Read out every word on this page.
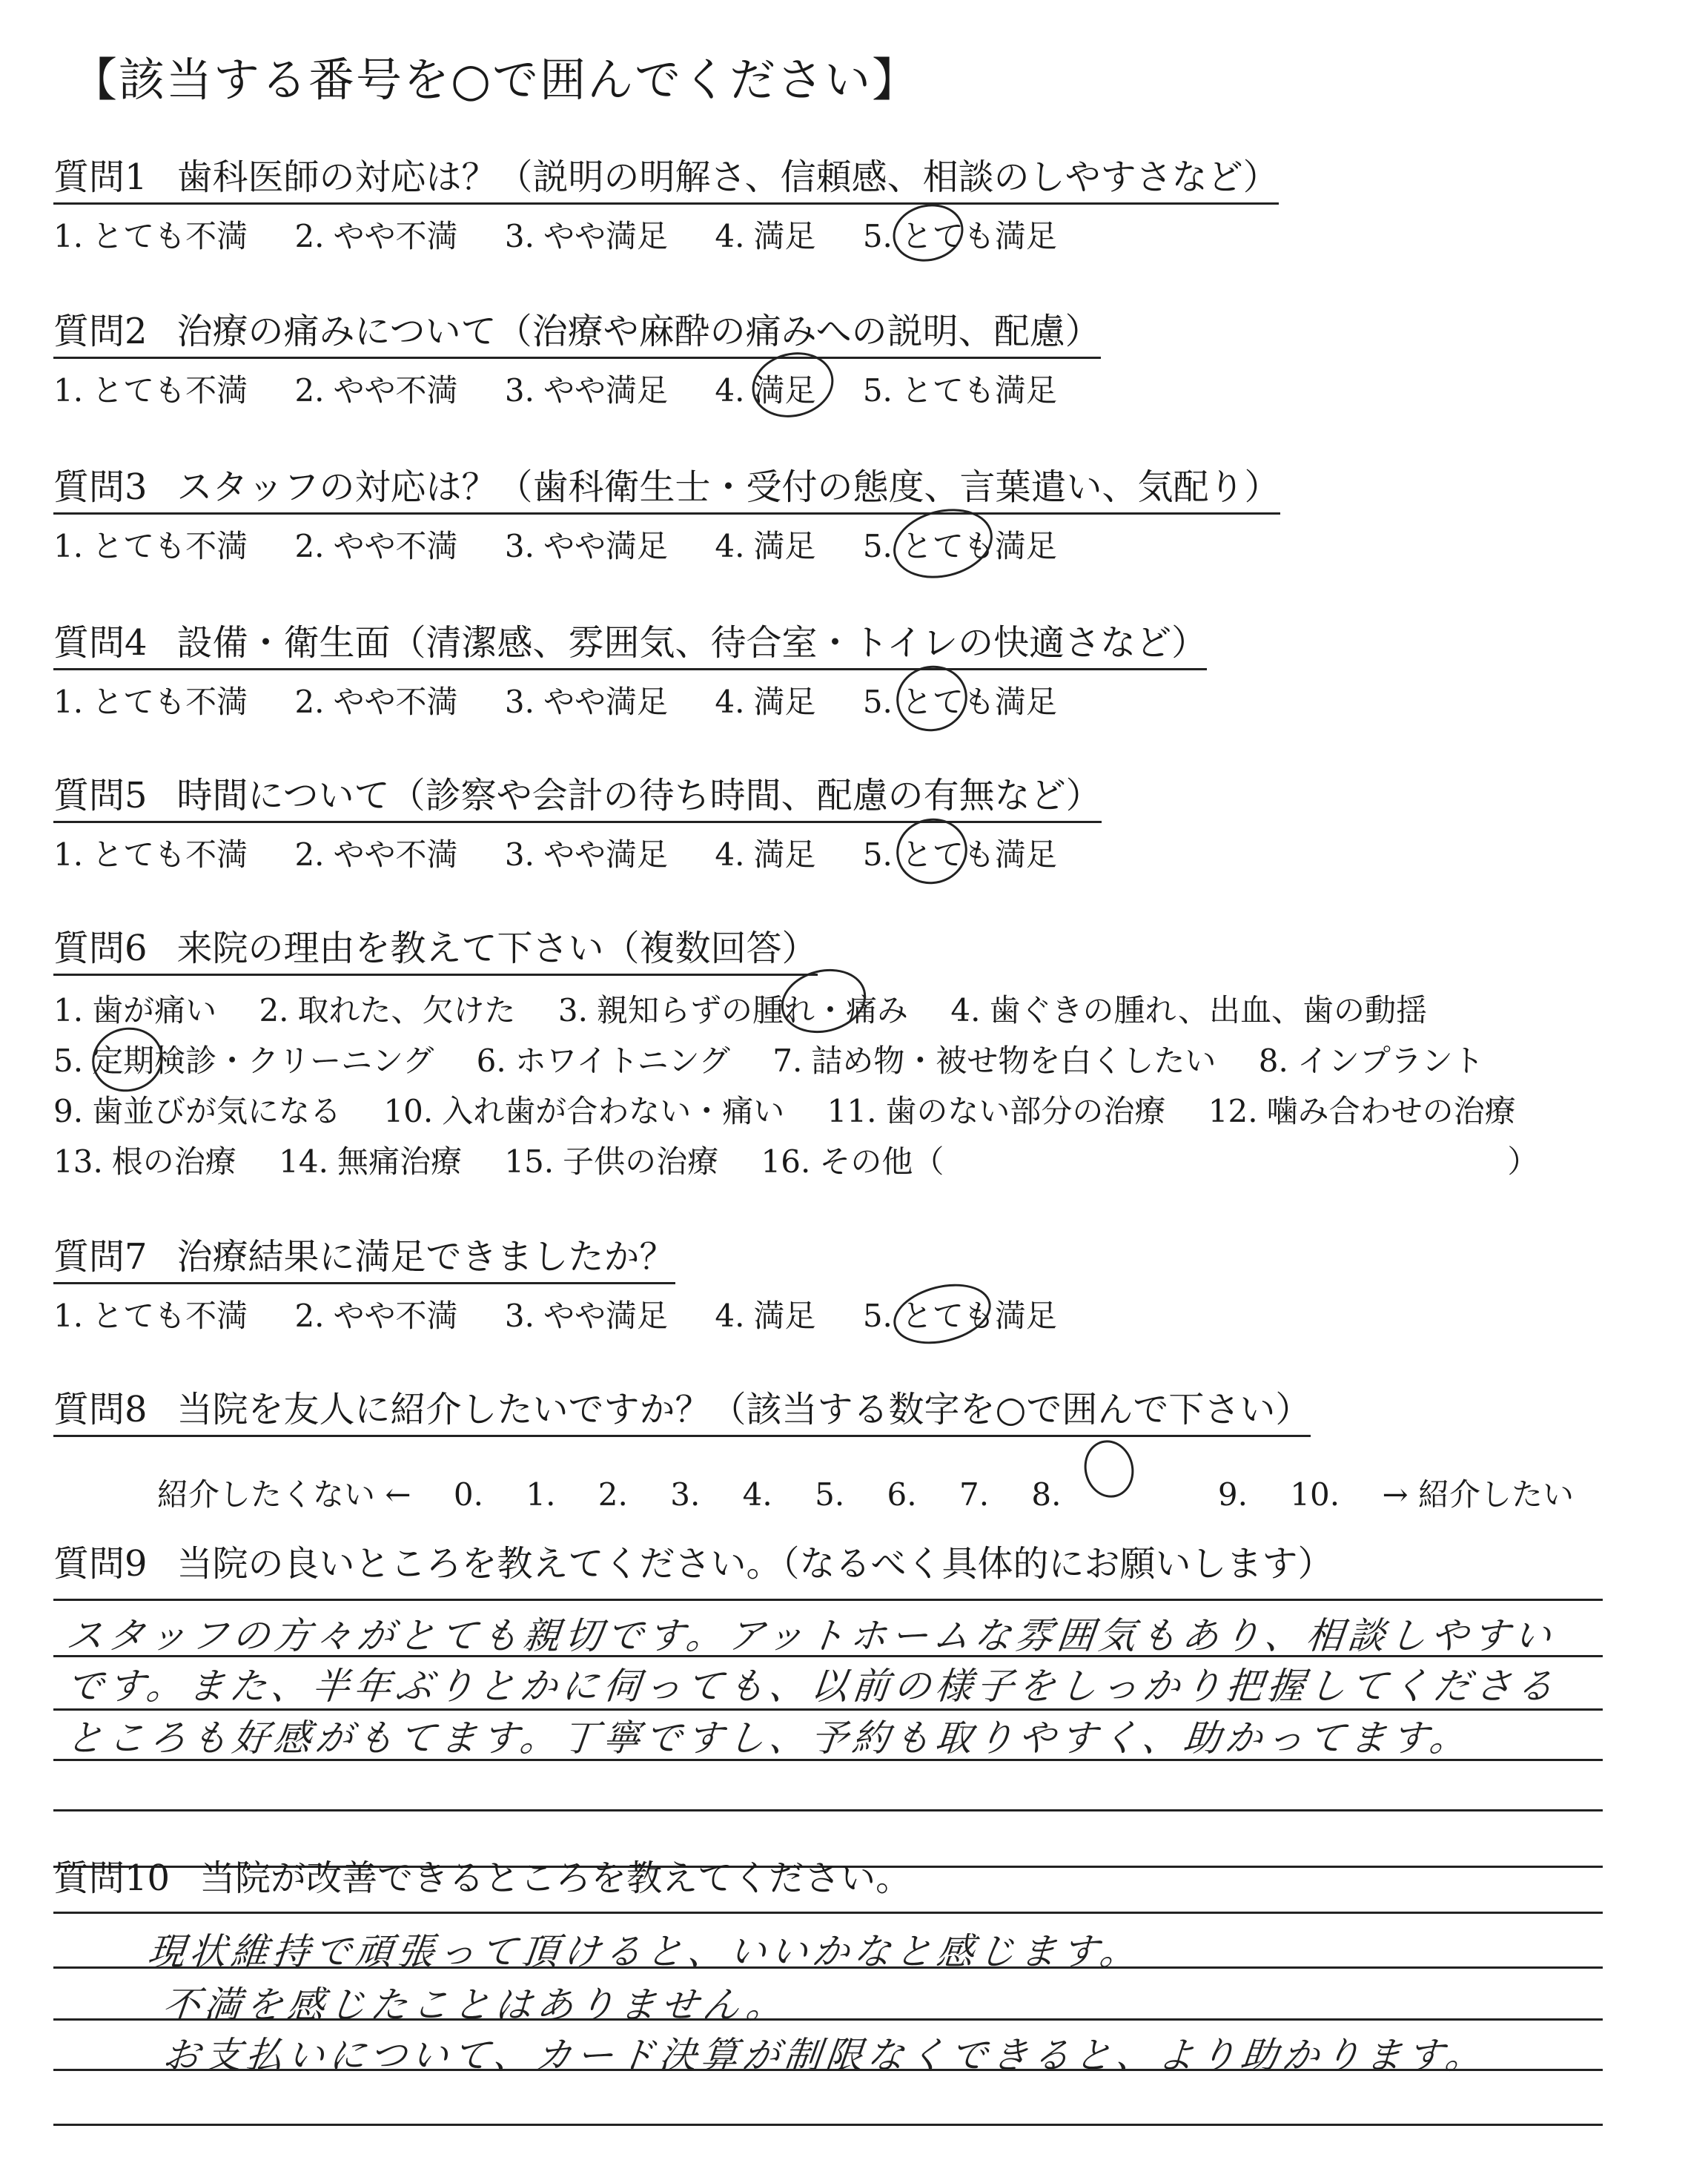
【該当する番号を○で囲んでください】
質問1 歯科医師の対応は？（説明の明解さ、信頼感、相談のしやすさなど）
1. とても不満 2. やや不満 3. やや満足 4. 満足 5. とても満足
質問2 治療の痛みについて（治療や麻酔の痛みへの説明、配慮）
1. とても不満 2. やや不満 3. やや満足 4. 満足 5. とても満足
質問3 スタッフの対応は？（歯科衛生士・受付の態度、言葉遣い、気配り）
1. とても不満 2. やや不満 3. やや満足 4. 満足 5. とても満足
質問4 設備・衛生面（清潔感、雰囲気、待合室・トイレの快適さなど）
1. とても不満 2. やや不満 3. やや満足 4. 満足 5. とても満足
質問5 時間について（診察や会計の待ち時間、配慮の有無など）
1. とても不満 2. やや不満 3. やや満足 4. 満足 5. とても満足
質問6 来院の理由を教えて下さい（複数回答）
1. 歯が痛い 2. 取れた、欠けた 3. 親知らずの腫れ・痛み 4. 歯ぐきの腫れ、出血、歯の動揺
5. 定期検診・クリーニング 6. ホワイトニング 7. 詰め物・被せ物を白くしたい 8. インプラント
9. 歯並びが気になる 10. 入れ歯が合わない・痛い 11. 歯のない部分の治療 12. 噛み合わせの治療
13. 根の治療 14. 無痛治療 15. 子供の治療 16. その他（	）
質問7 治療結果に満足できましたか？
1. とても不満 2. やや不満 3. やや満足 4. 満足 5. とても満足
質問8 当院を友人に紹介したいですか？（該当する数字を○で囲んで下さい）
紹介したくない ← 0. 1. 2. 3. 4. 5. 6. 7. 8.	9. 10. → 紹介したい
質問9 当院の良いところを教えてください。（なるべく具体的にお願いします）
スタッフの方々がとても親切です。アットホームな雰囲気もあり、相談しやすい
です。また、半年ぶりとかに伺っても、以前の様子をしっかり把握してくださる
ところも好感がもてます。丁寧ですし、予約も取りやすく、助かってます。
質問10 当院が改善できるところを教えてください。
現状維持で頑張って頂けると、いいかなと感じます。
不満を感じたことはありません。
お支払いについて、カード決算が制限なくできると、より助かります。
